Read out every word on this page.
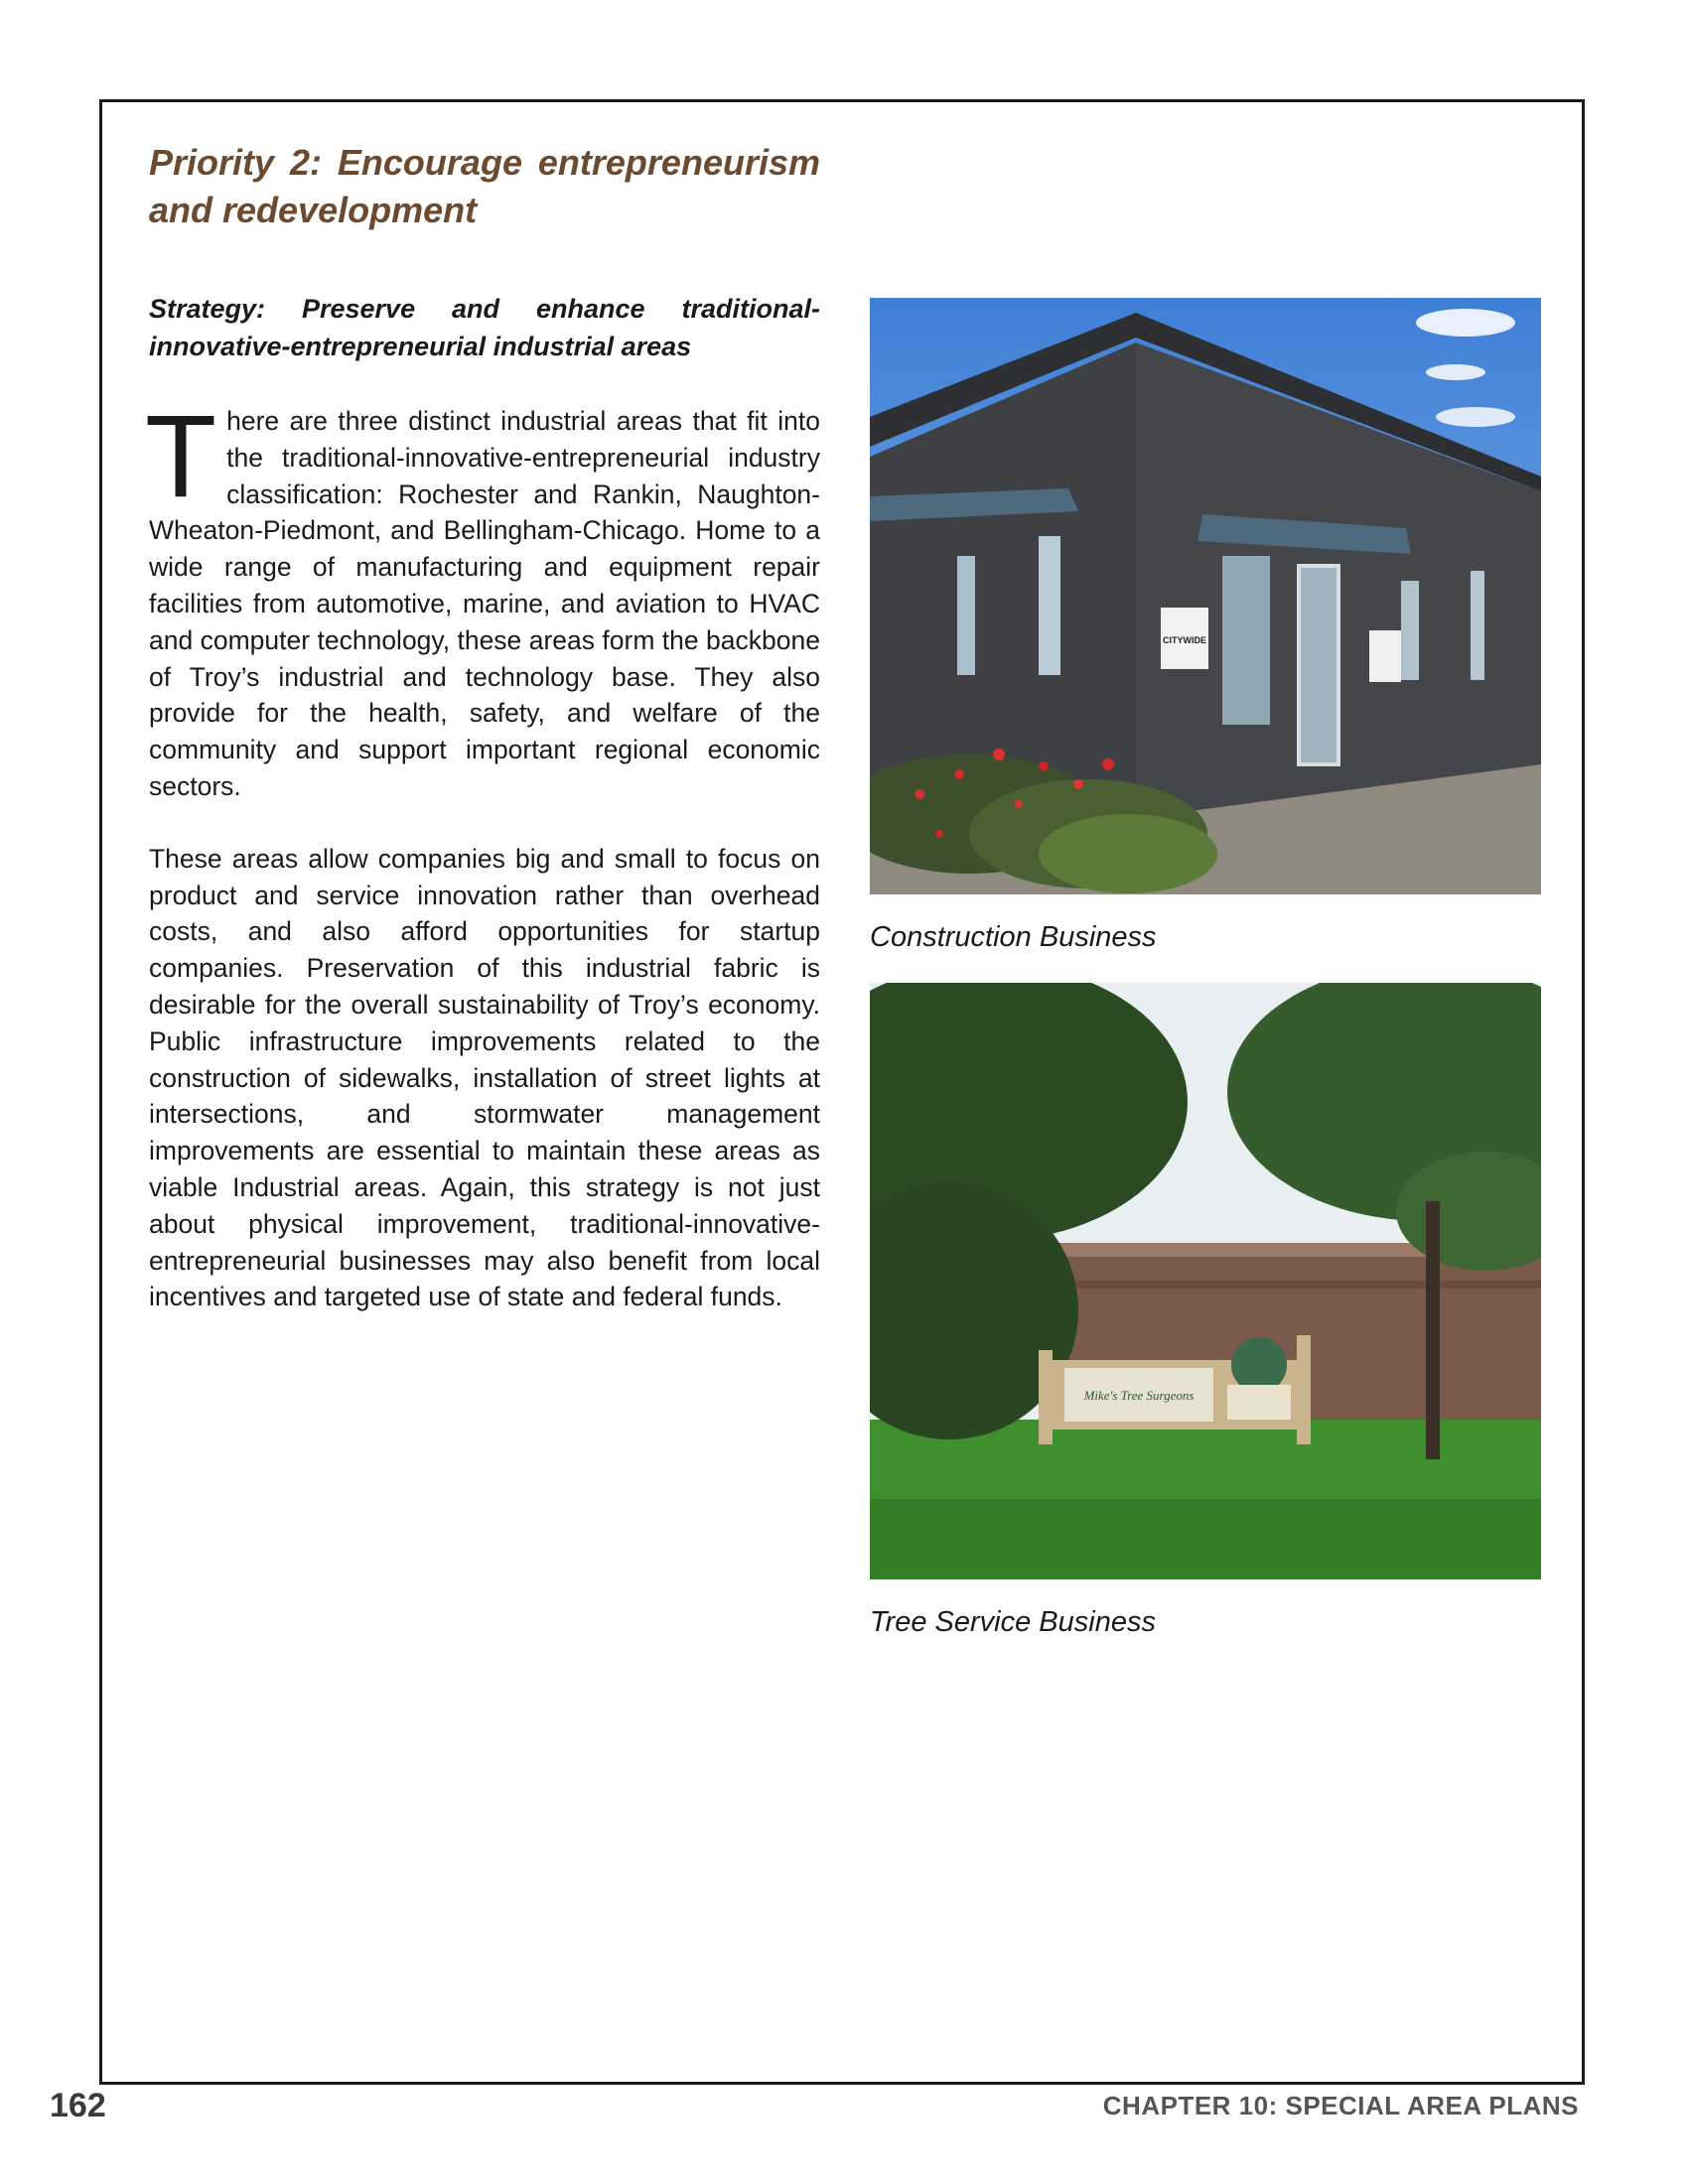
Priority 2: Encourage entrepreneurism and redevelopment

Strategy: Preserve and enhance traditional-innovative-entrepreneurial industrial areas

There are three distinct industrial areas that fit into the traditional-innovative-entrepreneurial industry classification: Rochester and Rankin, Naughton-Wheaton-Piedmont, and Bellingham-Chicago. Home to a wide range of manufacturing and equipment repair facilities from automotive, marine, and aviation to HVAC and computer technology, these areas form the backbone of Troy’s industrial and technology base. They also provide for the health, safety, and welfare of the community and support important regional economic sectors.

These areas allow companies big and small to focus on product and service innovation rather than overhead costs, and also afford opportunities for startup companies. Preservation of this industrial fabric is desirable for the overall sustainability of Troy’s economy. Public infrastructure improvements related to the construction of sidewalks, installation of street lights at intersections, and stormwater management improvements are essential to maintain these areas as viable Industrial areas. Again, this strategy is not just about physical improvement, traditional-innovative-entrepreneurial businesses may also benefit from local incentives and targeted use of state and federal funds.

CITYWIDE

Construction Business

Mike's Tree Surgeons

Tree Service Business

162	CHAPTER 10: SPECIAL AREA PLANS
